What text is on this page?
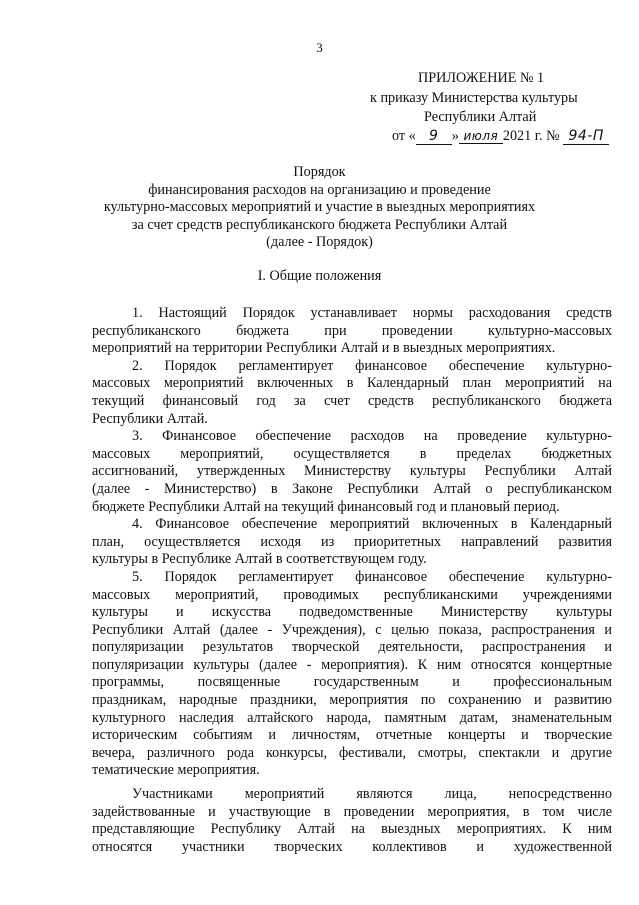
3
ПРИЛОЖЕНИЕ № 1
к приказу Министерства культуры
Республики Алтай
от « 9 » июля 2021 г. № 94-П
Порядок
финансирования расходов на организацию и проведение
культурно-массовых мероприятий и участие в выездных мероприятиях
за счет средств республиканского бюджета Республики Алтай
(далее - Порядок)
I. Общие положения
1. Настоящий Порядок устанавливает нормы расходования средств
республиканского бюджета при проведении культурно-массовых
мероприятий на территории Республики Алтай и в выездных мероприятиях.
2. Порядок регламентирует финансовое обеспечение культурно-
массовых мероприятий включенных в Календарный план мероприятий на
текущий финансовый год за счет средств республиканского бюджета
Республики Алтай.
3. Финансовое обеспечение расходов на проведение культурно-
массовых мероприятий, осуществляется в пределах бюджетных
ассигнований, утвержденных Министерству культуры Республики Алтай
(далее - Министерство) в Законе Республики Алтай о республиканском
бюджете Республики Алтай на текущий финансовый год и плановый период.
4. Финансовое обеспечение мероприятий включенных в Календарный
план, осуществляется исходя из приоритетных направлений развития
культуры в Республике Алтай в соответствующем году.
5. Порядок регламентирует финансовое обеспечение культурно-
массовых мероприятий, проводимых республиканскими учреждениями
культуры и искусства подведомственные Министерству культуры
Республики Алтай (далее - Учреждения), с целью показа, распространения и
популяризации результатов творческой деятельности, распространения и
популяризации культуры (далее - мероприятия). К ним относятся концертные
программы, посвященные государственным и профессиональным
праздникам, народные праздники, мероприятия по сохранению и развитию
культурного наследия алтайского народа, памятным датам, знаменательным
историческим событиям и личностям, отчетные концерты и творческие
вечера, различного рода конкурсы, фестивали, смотры, спектакли и другие
тематические мероприятия.
Участниками мероприятий являются лица, непосредственно
задействованные и участвующие в проведении мероприятия, в том числе
представляющие Республику Алтай на выездных мероприятиях. К ним
относятся участники творческих коллективов и художественной
